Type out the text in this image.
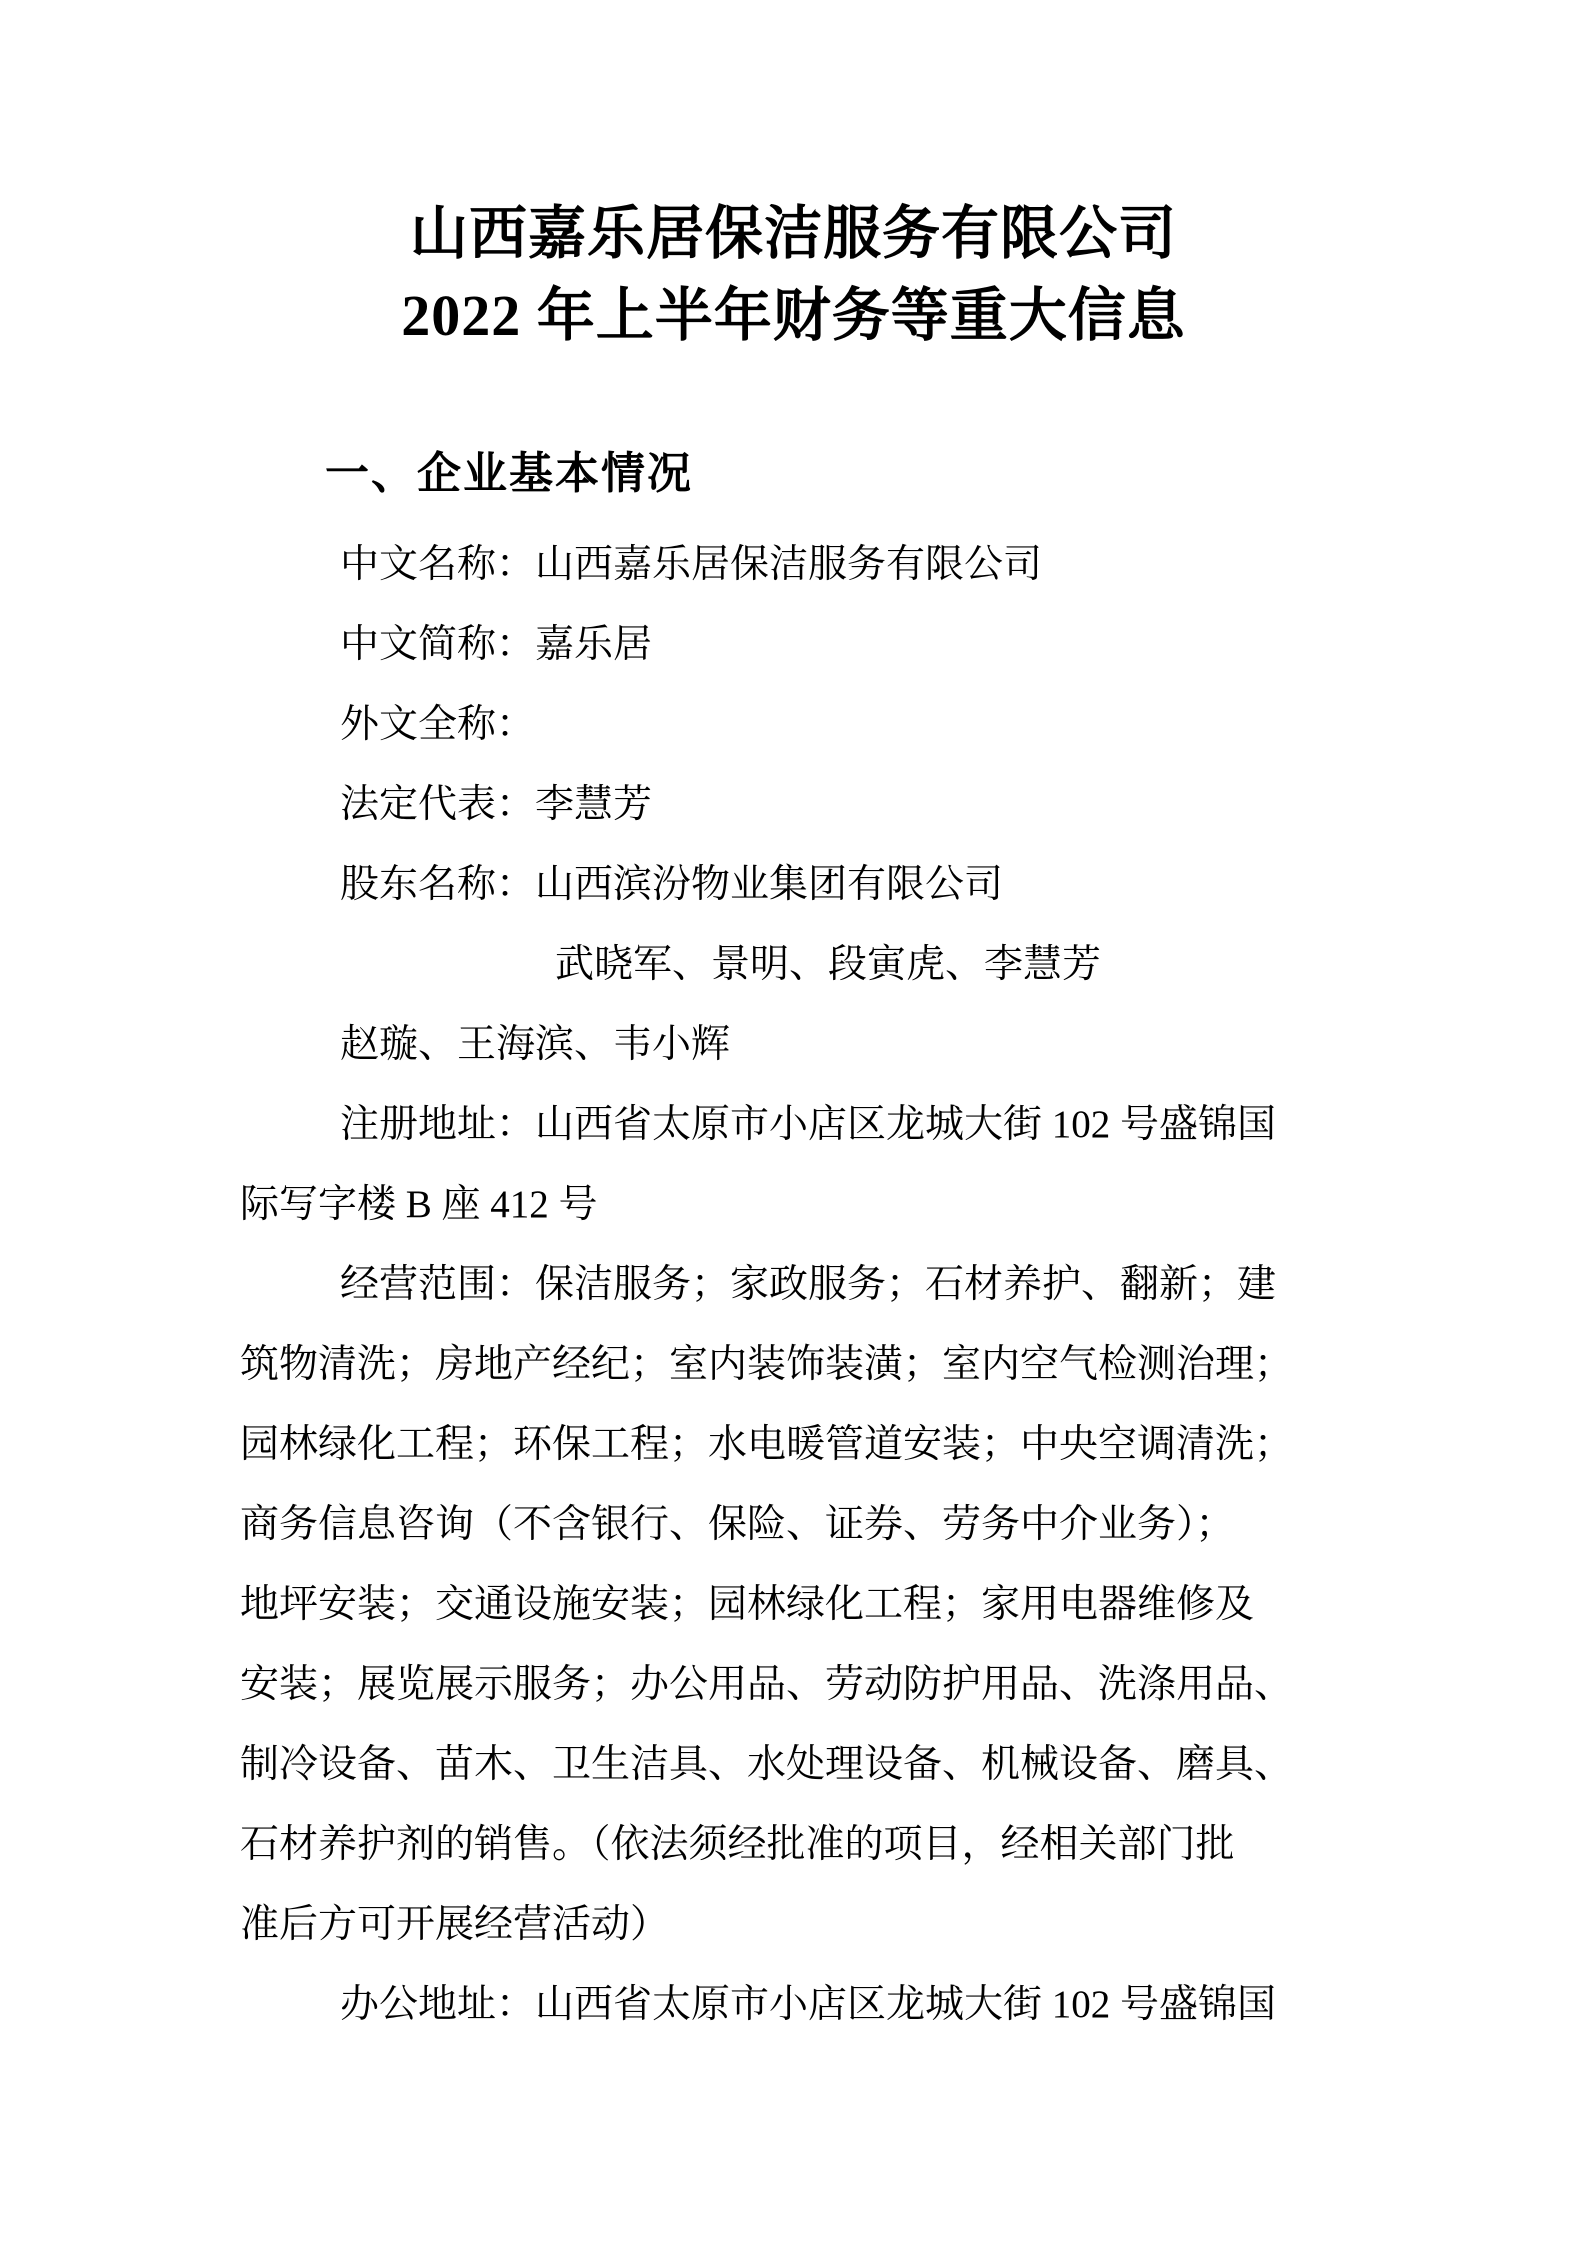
山西嘉乐居保洁服务有限公司
2022 年上半年财务等重大信息
一、企业基本情况
中文名称：山西嘉乐居保洁服务有限公司
中文简称：嘉乐居
外文全称：
法定代表：李慧芳
股东名称：山西滨汾物业集团有限公司
武晓军、景明、段寅虎、李慧芳
赵璇、王海滨、韦小辉
注册地址：山西省太原市小店区龙城大街 102 号盛锦国
际写字楼 B 座 412 号
经营范围：保洁服务；家政服务；石材养护、翻新；建
筑物清洗；房地产经纪；室内装饰装潢；室内空气检测治理；
园林绿化工程；环保工程；水电暖管道安装；中央空调清洗；
商务信息咨询（不含银行、保险、证券、劳务中介业务）；
地坪安装；交通设施安装；园林绿化工程；家用电器维修及
安装；展览展示服务；办公用品、劳动防护用品、洗涤用品、
制冷设备、苗木、卫生洁具、水处理设备、机械设备、磨具、
石材养护剂的销售。（依法须经批准的项目，经相关部门批
准后方可开展经营活动）
办公地址：山西省太原市小店区龙城大街 102 号盛锦国
